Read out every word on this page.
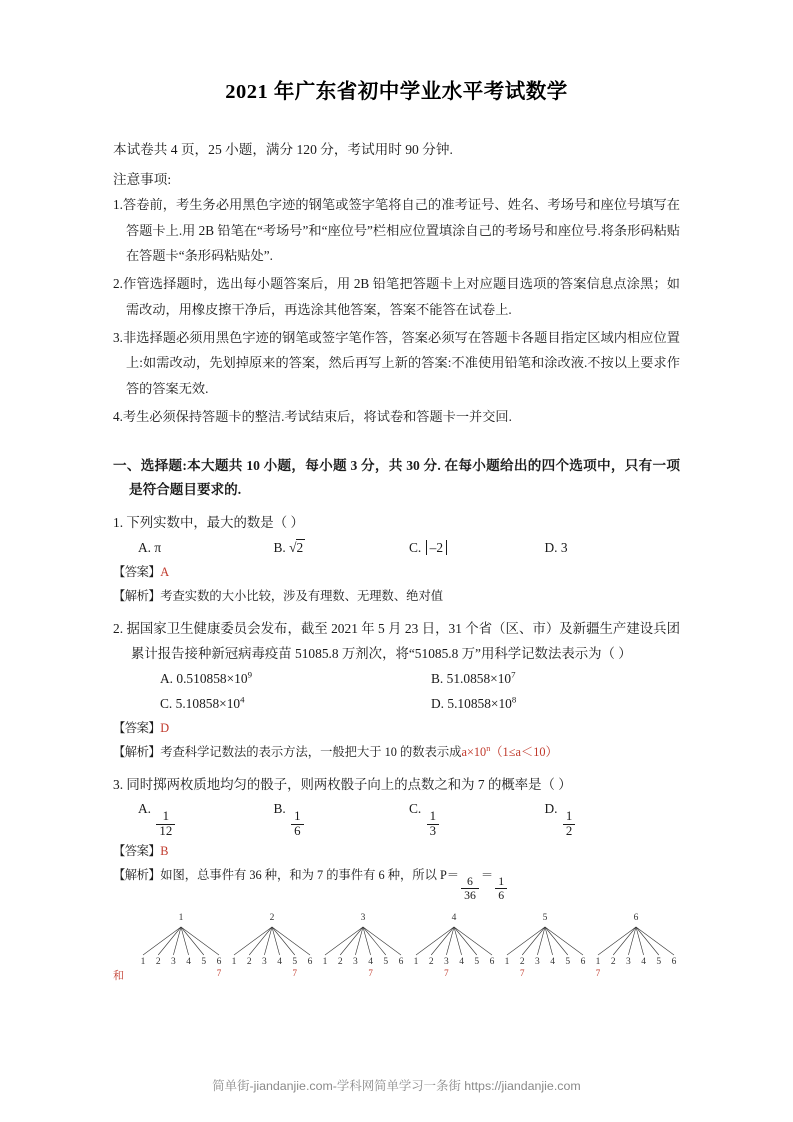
2021 年广东省初中学业水平考试数学
本试卷共 4 页，25 小题，满分 120 分，考试用时 90 分钟.
注意事项:
1.答卷前，考生务必用黑色字迹的钢笔或签字笔将自己的准考证号、姓名、考场号和座位号填写在答题卡上.用 2B 铅笔在“考场号”和“座位号”栏相应位置填涂自己的考场号和座位号.将条形码粘贴在答题卡“条形码粘贴处”.
2.作管选择题时，选出每小题答案后，用 2B 铅笔把答题卡上对应题目选项的答案信息点涂黑；如需改动，用橡皮擦干净后，再选涂其他答案，答案不能答在试卷上.
3.非选择题必须用黑色字迹的钢笔或签字笔作答，答案必须写在答题卡各题目指定区域内相应位置上:如需改动，先划掉原来的答案，然后再写上新的答案:不准使用铅笔和涂改液.不按以上要求作答的答案无效.
4.考生必须保持答题卡的整洁.考试结束后，将试卷和答题卡一并交回.
一、选择题:本大题共 10 小题，每小题 3 分，共 30 分. 在每小题给出的四个选项中，只有一项是符合题目要求的.
1. 下列实数中，最大的数是（ ）
A. π	B. √2	C. –2	D. 3
【答案】A
【解析】考查实数的大小比较，涉及有理数、无理数、绝对值
2. 据国家卫生健康委员会发布，截至 2021 年 5 月 23 日，31 个省（区、市）及新疆生产建设兵团累计报告接种新冠病毒疫苗 51085.8 万剂次，将“51085.8 万”用科学记数法表示为（ ）
A. $0.510858\times 10^9$	B. $51.0858\times 10^7$
C. $5.10858\times 10^4$	D. $5.10858\times 10^8$
【答案】D
【解析】考查科学记数法的表示方法，一般把大于 10 的数表示成$a\times 10^n(1\le a<10)$
3. 同时掷两枚质地均匀的骰子，则两枚骰子向上的点数之和为 7 的概率是（ ）
A.
$\frac{1}{12}$
B.
$\frac{1}{6}$
C.
$\frac{1}{3}$
D.
$\frac{1}{2}$
【答案】B
【解析】如图，总事件有 36 种，和为 7 的事件有 6 种，所以 P＝
$\frac{6}{36}$
＝
$\frac{1}{6}$
和
1
1	2	3	4	5	6
7
2
1	2	3	4	5
7
6
3
1	2	3	4
7
5	6
4
1	2	3
7
4	5	6
5
1	2
7
3	4	5	6
6
1
7
2	3	4	5	6
简单街-jiandanjie.com-学科网简单学习一条街 https://jiandanjie.com
